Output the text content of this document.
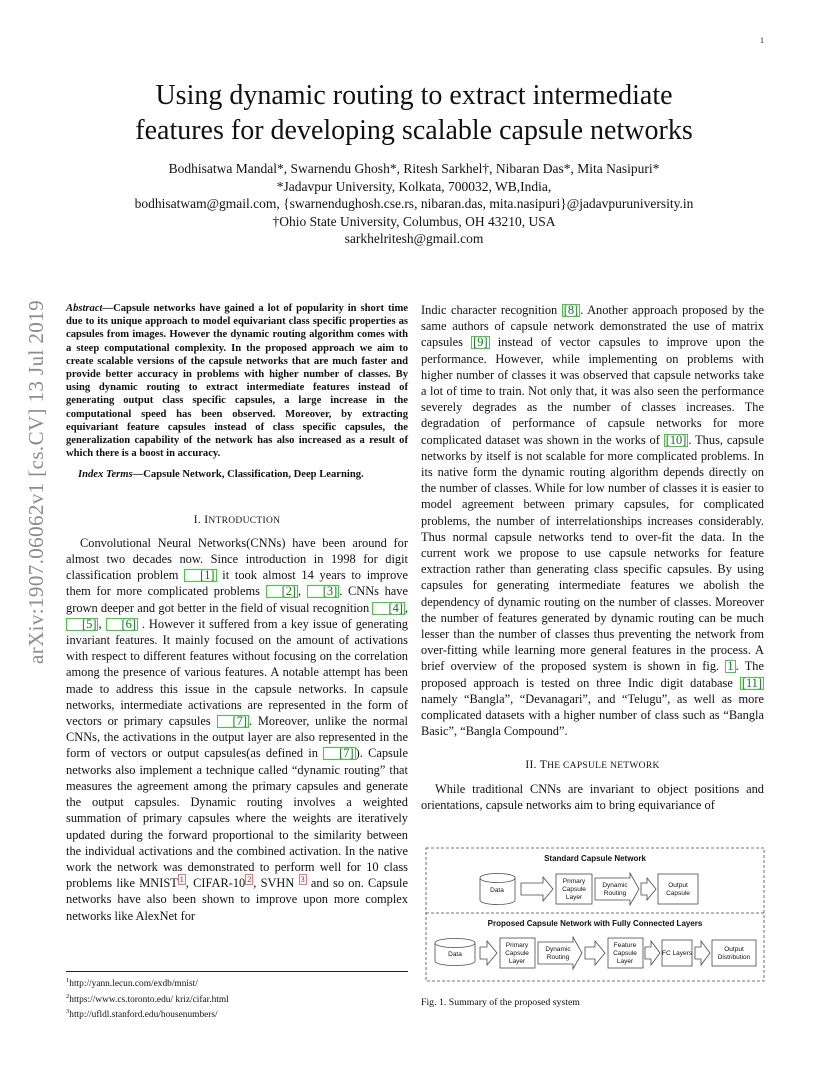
1
arXiv:1907.06062v1 [cs.CV] 13 Jul 2019
Using dynamic routing to extract intermediate
features for developing scalable capsule networks
Bodhisatwa Mandal*, Swarnendu Ghosh*, Ritesh Sarkhel†, Nibaran Das*, Mita Nasipuri*
*Jadavpur University, Kolkata, 700032, WB,India,
bodhisatwam@gmail.com, {swarnendughosh.cse.rs, nibaran.das, mita.nasipuri}@jadavpuruniversity.in
†Ohio State University, Columbus, OH 43210, USA
sarkhelritesh@gmail.com

Abstract—Capsule networks have gained a lot of popularity in short time due to its unique approach to model equivariant class specific properties as capsules from images. However the dynamic routing algorithm comes with a steep computational complexity. In the proposed approach we aim to create scalable versions of the capsule networks that are much faster and provide better accuracy in problems with higher number of classes. By using dynamic routing to extract intermediate features instead of generating output class specific capsules, a large increase in the computational speed has been observed. Moreover, by extracting equivariant feature capsules instead of class specific capsules, the generalization capability of the network has also increased as a result of which there is a boost in accuracy.

Index Terms—Capsule Network, Classification, Deep Learning.

I. INTRODUCTION

Convolutional Neural Networks(CNNs) have been around for almost two decades now. Since introduction in 1998 for digit classification problem [1] it took almost 14 years to improve them for more complicated problems [2] , [3] . CNNs have grown deeper and got better in the field of visual recognition [4] , [5] , [6] . However it suffered from a key issue of generating invariant features. It mainly focused on the amount of activations with respect to different features without focusing on the correlation among the presence of various features. A notable attempt has been made to address this issue in the capsule networks. In capsule networks, intermediate activations are represented in the form of vectors or primary capsules [7] . Moreover, unlike the normal CNNs, the activations in the output layer are also represented in the form of vectors or output capsules(as defined in [7] ). Capsule networks also implement a technique called “dynamic routing” that measures the agreement among the primary capsules and generate the output capsules. Dynamic routing involves a weighted summation of primary capsules where the weights are iteratively updated during the forward proportional to the similarity between the individual activations and the combined activation. In the native work the network was demonstrated to perform well for 10 class problems like MNIST $^1$ , CIFAR-10 $^2$ , SVHN $^3$ and so on. Capsule networks have also been shown to improve upon more complex networks like AlexNet for

$^1$http://yann.lecun.com/exdb/mnist/
$^2$https://www.cs.toronto.edu/ kriz/cifar.html
$^3$http://ufldl.stanford.edu/housenumbers/

Indic character recognition [8] . Another approach proposed by the same authors of capsule network demonstrated the use of matrix capsules [9] instead of vector capsules to improve upon the performance. However, while implementing on problems with higher number of classes it was observed that capsule networks take a lot of time to train. Not only that, it was also seen the performance severely degrades as the number of classes increases. The degradation of performance of capsule networks for more complicated dataset was shown in the works of [10] . Thus, capsule networks by itself is not scalable for more complicated problems. In its native form the dynamic routing algorithm depends directly on the number of classes. While for low number of classes it is easier to model agreement between primary capsules, for complicated problems, the number of interrelationships increases considerably. Thus normal capsule networks tend to over-fit the data. In the current work we propose to use capsule networks for feature extraction rather than generating class specific capsules. By using capsules for generating intermediate features we abolish the dependency of dynamic routing on the number of classes. Moreover the number of features generated by dynamic routing can be much lesser than the number of classes thus preventing the network from over-fitting while learning more general features in the process. A brief overview of the proposed system is shown in fig. 1 . The proposed approach is tested on three Indic digit database [11] namely “Bangla”, “Devanagari”, and “Telugu”, as well as more complicated datasets with a higher number of class such as “Bangla Basic”, “Bangla Compound”.

II. THE CAPSULE NETWORK

While traditional CNNs are invariant to object positions and orientations, capsule networks aim to bring equivariance of

Standard Capsule Network
Proposed Capsule Network with Fully Connected Layers
Data
Primary
Capsule
Layer
Dynamic
Routing
Output
Capsule
Data
Primary
Capsule
Layer
Dynamic
Routing
Feature
Capsule
Layer
FC Layers
Output
Distribution
Fig. 1. Summary of the proposed system
